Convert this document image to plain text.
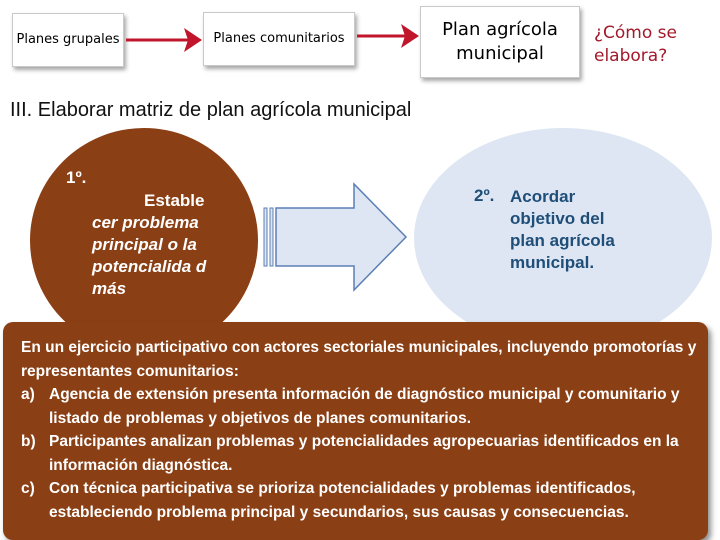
Planes grupales	Planes comunitarios	Plan agrícola municipal
¿Cómo se elabora?
III. Elaborar matriz de plan agrícola municipal
1º.
Estable
cer problema principal o la potencialida d más
2º. Acordar objetivo del plan agrícola municipal.

En un ejercicio participativo con actores sectoriales municipales, incluyendo promotorías y representantes comunitarios:

a) Agencia de extensión presenta información de diagnóstico municipal y comunitario y listado de problemas y objetivos de planes comunitarios.
b) Participantes analizan problemas y potencialidades agropecuarias identificados en la información diagnóstica.
c) Con técnica participativa se prioriza potencialidades y problemas identificados, estableciendo problema principal y secundarios, sus causas y consecuencias.
